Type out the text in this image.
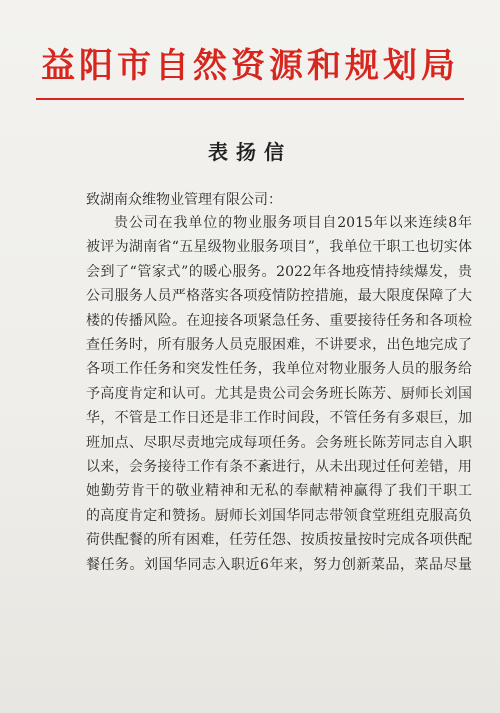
益阳市自然资源和规划局
表扬信
致湖南众维物业管理有限公司：
贵公司在我单位的物业服务项目自2015年以来连续8年
被评为湖南省“五星级物业服务项目”，我单位干职工也切实体
会到了“管家式”的暖心服务。2022年各地疫情持续爆发，贵
公司服务人员严格落实各项疫情防控措施，最大限度保障了大
楼的传播风险。在迎接各项紧急任务、重要接待任务和各项检
查任务时，所有服务人员克服困难，不讲要求，出色地完成了
各项工作任务和突发性任务，我单位对物业服务人员的服务给
予高度肯定和认可。尤其是贵公司会务班长陈芳、厨师长刘国
华，不管是工作日还是非工作时间段，不管任务有多艰巨，加
班加点、尽职尽责地完成每项任务。会务班长陈芳同志自入职
以来，会务接待工作有条不紊进行，从未出现过任何差错，用
她勤劳肯干的敬业精神和无私的奉献精神赢得了我们干职工
的高度肯定和赞扬。厨师长刘国华同志带领食堂班组克服高负
荷供配餐的所有困难，任劳任怨、按质按量按时完成各项供配
餐任务。刘国华同志入职近6年来，努力创新菜品，菜品尽量
